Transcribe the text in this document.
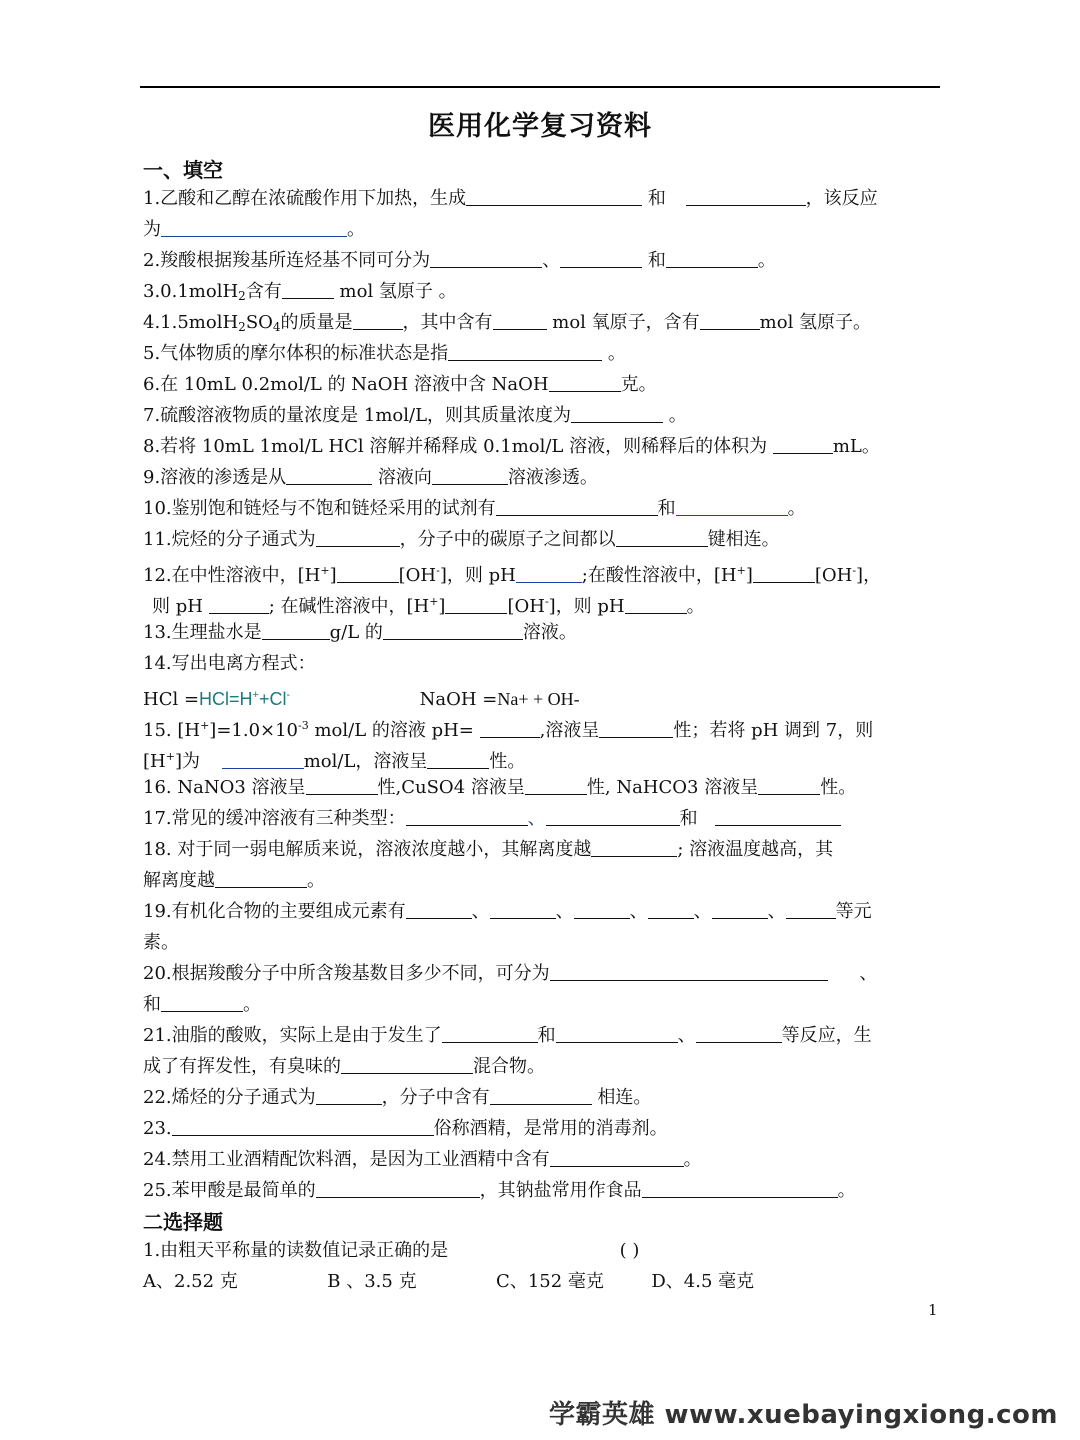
医用化学复习资料
一、填空
1.乙酸和乙醇在浓硫酸作用下加热，生成	和	，该反应
为	。
2.羧酸根据羧基所连烃基不同可分为	、	和	。
3.0.1molH$_2$含有	mol 氢原子 。
$4.1.5molH_2SO_4$的质量是	，其中含有	mol 氧原子，含有	mol 氢原子。
5.气体物质的摩尔体积的标准状态是指	。
6.在 10mL 0.2mol/L 的 NaOH 溶液中含 NaOH	克。
7.硫酸溶液物质的量浓度是 1mol/L，则其质量浓度为	。
8.若将 10mL 1mol/L HCl 溶解并稀释成 0.1mol/L 溶液，则稀释后的体积为	mL。
9.溶液的渗透是从	溶液向	溶液渗透。
10.鉴别饱和链烃与不饱和链烃采用的试剂有	和	。
11.烷烃的分子通式为	，分子中的碳原子之间都以	键相连。
12.在中性溶液中，[H+]	[OH-]，则 pH	;在酸性溶液中，[H+]	[OH-]，
则 pH	; 在碱性溶液中，[H+]	[OH-]，则 pH	。
13.生理盐水是	g/L 的	溶液。
14.写出电离方程式：
HCl =HCl=H++Cl-	NaOH =Na+ + OH-
15. $[H^+]=1.0\times 10^{-3}$ mol/L 的溶液 pH=	,溶液呈	性；若将 pH 调到 7，则
[H+]为	mol/L，溶液呈	性。
16. NaNO3 溶液呈	性,CuSO4 溶液呈	性, NaHCO3 溶液呈	性。
17.常见的缓冲溶液有三种类型：	、	和
18. 对于同一弱电解质来说，溶液浓度越小，其解离度越	; 溶液温度越高，其
解离度越	。
19.有机化合物的主要组成元素有	、	、	、	、	、	等元
素。
20.根据羧酸分子中所含羧基数目多少不同，可分为	、
和	。
21.油脂的酸败，实际上是由于发生了	和	、	等反应，生
成了有挥发性，有臭味的	混合物。
22.烯烃的分子通式为	，分子中含有	相连。
23.	俗称酒精，是常用的消毒剂。
24.禁用工业酒精配饮料酒，是因为工业酒精中含有	。
25.苯甲酸是最简单的	，其钠盐常用作食品	。
二选择题
1.由粗天平称量的读数值记录正确的是	( )
A、2.52 克	B 、3.5 克	C、152 毫克	D、4.5 毫克
1
学霸英雄 www.xuebayingxiong.com
